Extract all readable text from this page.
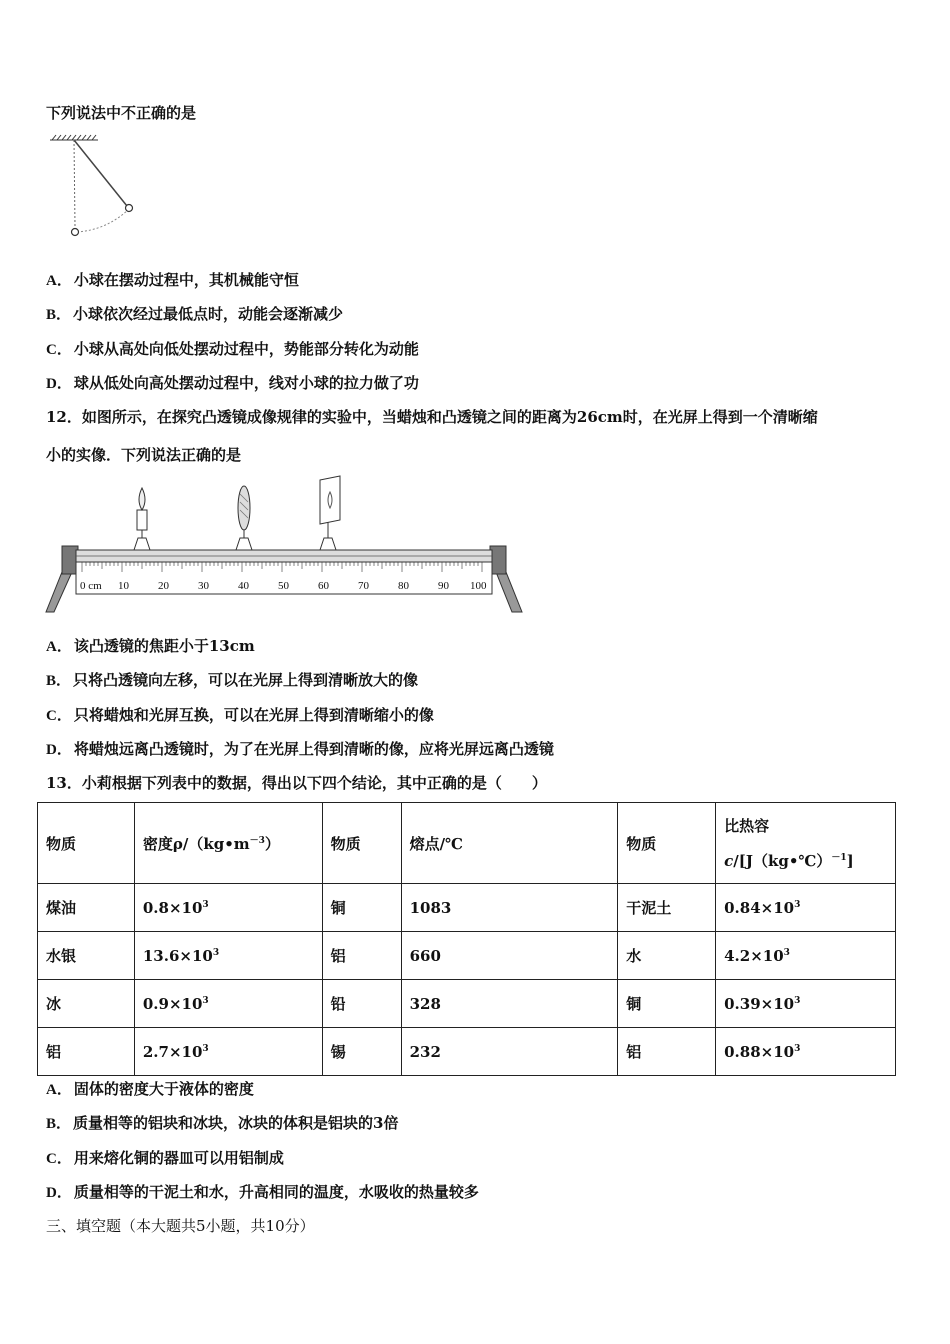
下列说法中不正确的是
A． 小球在摆动过程中，其机械能守恒
B． 小球依次经过最低点时，动能会逐渐减少
C． 小球从高处向低处摆动过程中，势能部分转化为动能
D． 球从低处向高处摆动过程中，线对小球的拉力做了功
12．如图所示，在探究凸透镜成像规律的实验中，当蜡烛和凸透镜之间的距离为26cm时，在光屏上得到一个清晰缩
小的实像．下列说法正确的是
0 cm 10	20	30	40	50	60	70	80	90 100
A． 该凸透镜的焦距小于13cm
B． 只将凸透镜向左移，可以在光屏上得到清晰放大的像
C． 只将蜡烛和光屏互换，可以在光屏上得到清晰缩小的像
D． 将蜡烛远离凸透镜时，为了在光屏上得到清晰的像，应将光屏远离凸透镜
13．小莉根据下列表中的数据，得出以下四个结论，其中正确的是（　　）
物质	密度$\rho/(kg•m^{-3})$	物质	熔点/℃	物质	比热容
c/[J（kg•℃）$^{-1}$]

煤油	$0.8\times 10^3$	铜	1083	干泥土	$0.84\times 10^3$
水银	$13.6\times 10^3$	铝	660	水	$4.2\times 10^3$
冰	$0.9\times 10^3$	铅	328	铜	$0.39\times 10^3$
铝	$2.7\times 10^3$	锡	232	铝	$0.88\times 10^3$
A． 固体的密度大于液体的密度
B． 质量相等的铝块和冰块，冰块的体积是铝块的3倍
C． 用来熔化铜的器皿可以用铝制成
D． 质量相等的干泥土和水，升高相同的温度，水吸收的热量较多
三、填空题（本大题共5小题，共10分）
